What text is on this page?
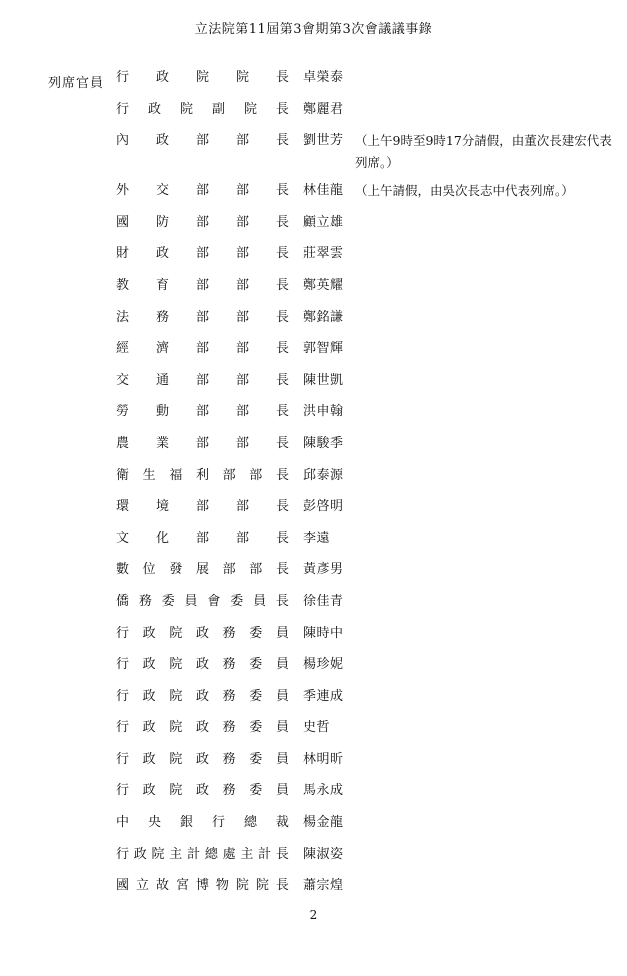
立法院第11屆第3會期第3次會議議事錄
列席官員 行 政 院 院 長 卓榮泰
行 政 院 副 院 長 鄭麗君
內 政 部 部 長 劉世芳 （上午9時至9時17分請假，由董次長建宏代表列席。）
外 交 部 部 長 林佳龍 （上午請假，由吳次長志中代表列席。）
國 防 部 部 長 顧立雄
財 政 部 部 長 莊翠雲
教 育 部 部 長 鄭英耀
法 務 部 部 長 鄭銘謙
經 濟 部 部 長 郭智輝
交 通 部 部 長 陳世凱
勞 動 部 部 長 洪申翰
農 業 部 部 長 陳駿季
衛 生 福 利 部 部 長 邱泰源
環 境 部 部 長 彭啓明
文 化 部 部 長 李遠
數 位 發 展 部 部 長 黃彥男
僑 務 委 員 會 委 員 長 徐佳青
行 政 院 政 務 委 員 陳時中
行 政 院 政 務 委 員 楊珍妮
行 政 院 政 務 委 員 季連成
行 政 院 政 務 委 員 史哲
行 政 院 政 務 委 員 林明昕
行 政 院 政 務 委 員 馬永成
中 央 銀 行 總 裁 楊金龍
行 政 院 主 計 總 處 主 計 長 陳淑姿
國 立 故 宮 博 物 院 院 長 蕭宗煌
2
